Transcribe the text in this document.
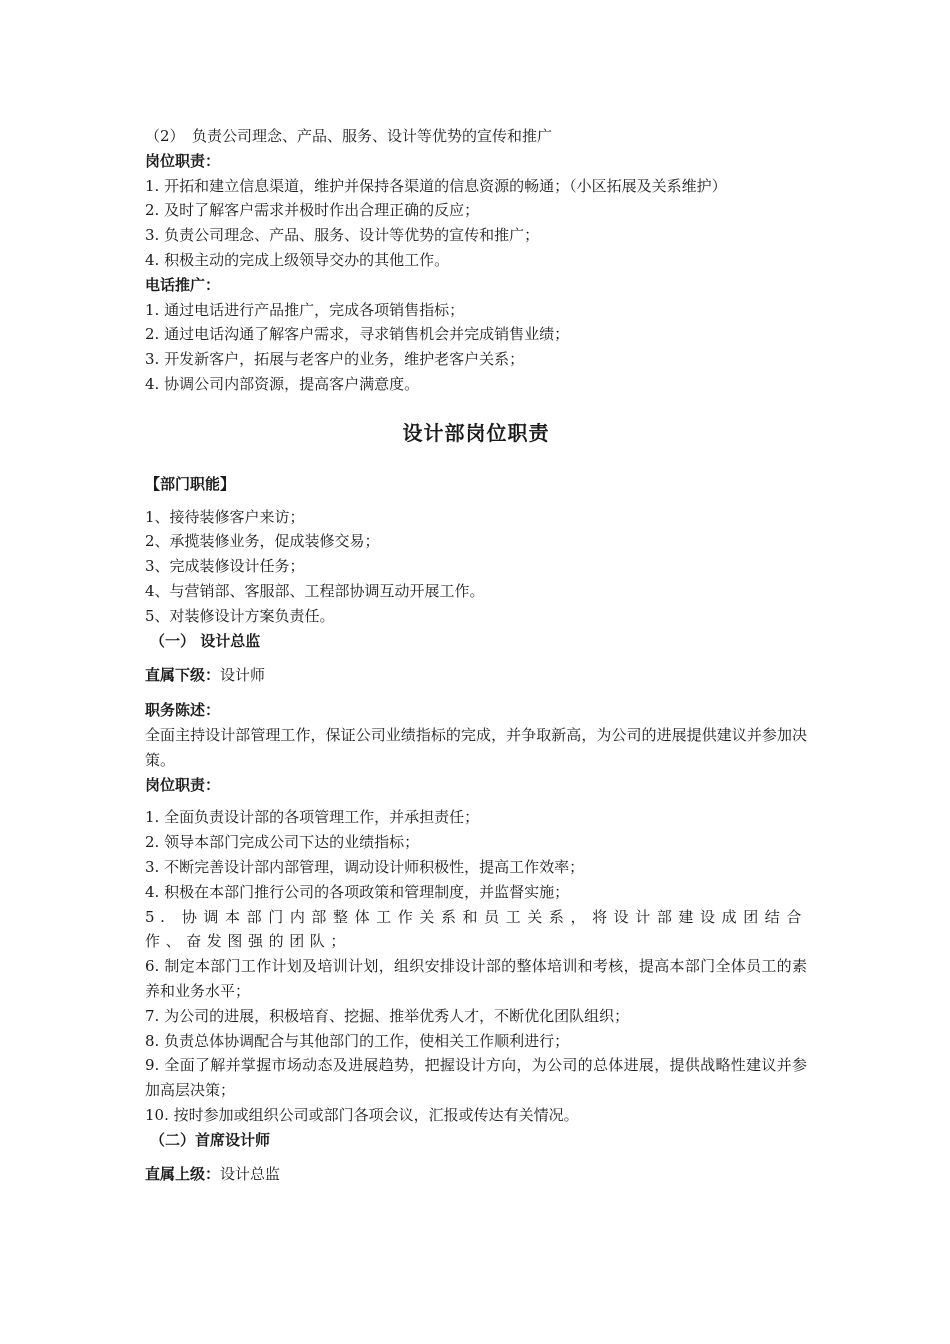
（2）　负责公司理念、产品、服务、设计等优势的宣传和推广
岗位职责：
1. 开拓和建立信息渠道，维护并保持各渠道的信息资源的畅通；（小区拓展及关系维护）
2. 及时了解客户需求并极时作出合理正确的反应；
3. 负责公司理念、产品、服务、设计等优势的宣传和推广；
4. 积极主动的完成上级领导交办的其他工作。
电话推广：
1. 通过电话进行产品推广，完成各项销售指标；
2. 通过电话沟通了解客户需求，寻求销售机会并完成销售业绩；
3. 开发新客户，拓展与老客户的业务，维护老客户关系；
4. 协调公司内部资源，提高客户满意度。
设计部岗位职责
【部门职能】
1、接待装修客户来访；
2、承揽装修业务，促成装修交易；
3、完成装修设计任务；
4、与营销部、客服部、工程部协调互动开展工作。
5、对装修设计方案负责任。
（一） 设计总监
直属下级：设计师
职务陈述：
全面主持设计部管理工作，保证公司业绩指标的完成，并争取新高，为公司的进展提供建议并参加决策。
岗位职责：
1. 全面负责设计部的各项管理工作，并承担责任；
2. 领导本部门完成公司下达的业绩指标；
3. 不断完善设计部内部管理，调动设计师积极性，提高工作效率；
4. 积极在本部门推行公司的各项政策和管理制度，并监督实施；
5. 协调本部门内部整体工作关系和员工关系，将设计部建设成团结合作、奋发图强的团队；
6. 制定本部门工作计划及培训计划，组织安排设计部的整体培训和考核，提高本部门全体员工的素养和业务水平；
7. 为公司的进展，积极培育、挖掘、推举优秀人才，不断优化团队组织；
8. 负责总体协调配合与其他部门的工作，使相关工作顺利进行；
9. 全面了解并掌握市场动态及进展趋势，把握设计方向，为公司的总体进展，提供战略性建议并参加高层决策；
10. 按时参加或组织公司或部门各项会议，汇报或传达有关情况。
（二）首席设计师
直属上级：设计总监
